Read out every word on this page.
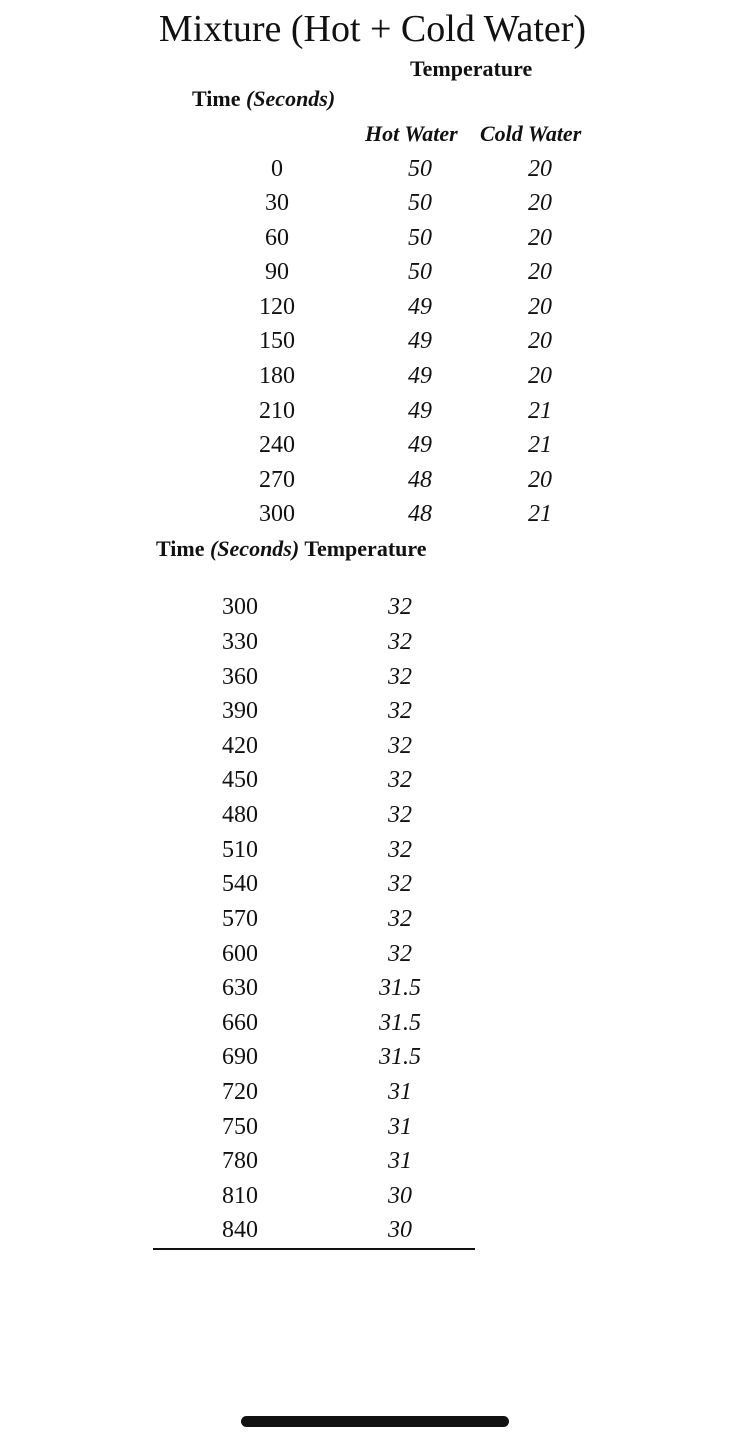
Mixture (Hot + Cold Water)
Temperature
Time (Seconds)
Hot Water Cold Water
0	50	20
30	50	20
60	50	20
90	50	20
120	49	20
150	49	20
180	49	20
210	49	21
240	49	21
270	48	20
300	48	21
Time (Seconds) Temperature
300	32
330	32
360	32
390	32
420	32
450	32
480	32
510	32
540	32
570	32
600	32
630	31.5
660	31.5
690	31.5
720	31
750	31
780	31
810	30
840	30
